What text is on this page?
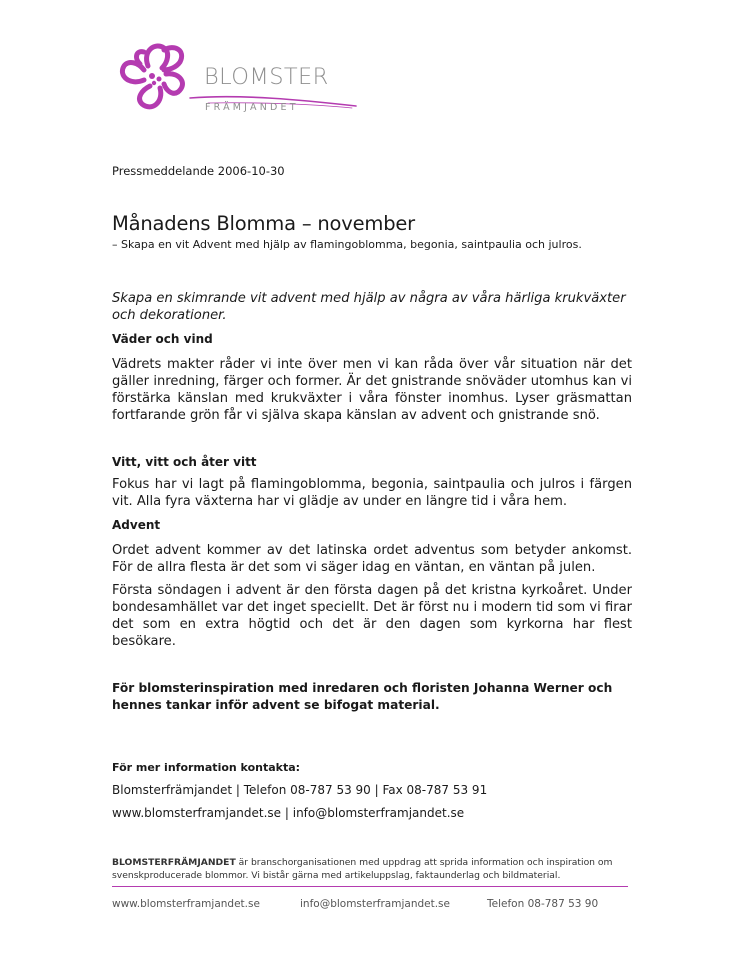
BLOMSTER
FRÄMJANDET
Pressmeddelande 2006-10-30
Månadens Blomma – november

– Skapa en vit Advent med hjälp av flamingoblomma, begonia, saintpaulia och julros.

Skapa en skimrande vit advent med hjälp av några av våra härliga krukväxter och dekorationer.

Väder och vind

Vädrets makter råder vi inte över men vi kan råda över vår situation när det gäller inredning, färger och former. Är det gnistrande snöväder utomhus kan vi förstärka känslan med krukväxter i våra fönster inomhus. Lyser gräsmattan fortfarande grön får vi själva skapa känslan av advent och gnistrande snö.

Vitt, vitt och åter vitt

Fokus har vi lagt på flamingoblomma, begonia, saintpaulia och julros i färgen vit. Alla fyra växterna har vi glädje av under en längre tid i våra hem.

Advent

Ordet advent kommer av det latinska ordet adventus som betyder ankomst. För de allra flesta är det som vi säger idag en väntan, en väntan på julen.

Första söndagen i advent är den första dagen på det kristna kyrkoåret. Under bondesamhället var det inget speciellt. Det är först nu i modern tid som vi firar det som en extra högtid och det är den dagen som kyrkorna har flest besökare.

För blomsterinspiration med inredaren och floristen Johanna Werner och hennes tankar inför advent se bifogat material.

För mer information kontakta:

Blomsterfrämjandet | Telefon 08-787 53 90 | Fax 08-787 53 91

www.blomsterframjandet.se | info@blomsterframjandet.se

BLOMSTERFRÄMJANDET är branschorganisationen med uppdrag att sprida information och inspiration om svenskproducerade blommor. Vi bistår gärna med artikeluppslag, faktaunderlag och bildmaterial.

www.blomsterframjandet.se	info@blomsterframjandet.se	Telefon 08-787 53 90
